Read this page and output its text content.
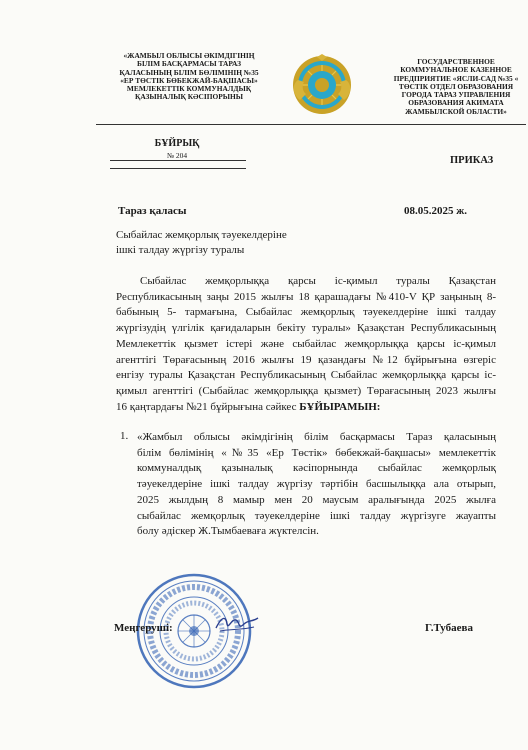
«ЖАМБЫЛ ОБЛЫСЫ ӘКІМДІГІНІҢ
БІЛІМ БАСҚАРМАСЫ ТАРАЗ
ҚАЛАСЫНЫҢ БІЛІМ БӨЛІМІНІҢ №35
«ЕР ТӨСТІК БӨБЕКЖАЙ-БАҚШАСЫ»
МЕМЛЕКЕТТІК КОММУНАЛДЫҚ
ҚАЗЫНАЛЫҚ КӘСІПОРЫНЫ
ГОСУДАРСТВЕННОЕ
КОММУНАЛЬНОЕ КАЗЕННОЕ
ПРЕДПРИЯТИЕ «ЯСЛИ-САД №35 «
ТӨСТІК ОТДЕЛ ОБРАЗОВАНИЯ
ГОРОДА ТАРАЗ УПРАВЛЕНИЯ
ОБРАЗОВАНИЯ АКИМАТА
ЖАМБЫЛСКОЙ ОБЛАСТИ»
БҰЙРЫҚ
№ 204	ПРИКАЗ
Тараз қаласы	08.05.2025 ж.
Сыбайлас жемқорлық тәуекелдеріне
ішкі талдау жүргізу туралы
Сыбайлас жемқорлыққа қарсы іс-қимыл туралы Қазақстан
Республикасының заңы 2015 жылғы 18 қарашадағы №410-V ҚР заңының 8-
бабының 5- тармағына, Сыбайлас жемқорлық тәуекелдеріне ішкі талдау
жүргізудің үлгілік қағидаларын бекіту туралы» Қазақстан Республикасының
Мемлекеттік қызмет істері және сыбайлас жемқорлыққа қарсы іс-қимыл
агенттігі Төрағасының 2016 жылғы 19 қазандағы №12 бұйрығына өзгеріс
енгізу туралы Қазақстан Республикасының Сыбайлас жемқорлыққа қарсы іс-
қимыл агенттігі (Сыбайлас жемқорлыққа қызмет) Төрағасының 2023 жылғы
16 қаңтардағы №21 бұйрығына сәйкес БҰЙЫРАМЫН:
1. «Жамбыл облысы әкімдігінің білім басқармасы Тараз қаласының
білім бөлімінің «№35 «Ер Төстік» бөбекжай-бақшасы» мемлекеттік
коммуналдық қазыналық кәсіпорнында сыбайлас жемқорлық
тәуекелдеріне ішкі талдау жүргізу тәртібін басшылыққа ала отырып,
2025 жылдың 8 мамыр мен 20 маусым аралығында 2025 жылға
сыбайлас жемқорлық тәуекелдеріне ішкі талдау жүргізуге жауапты
болу әдіскер Ж.Тымбаеваға жүктелсін.
Меңгеруші:	Г.Тубаева
